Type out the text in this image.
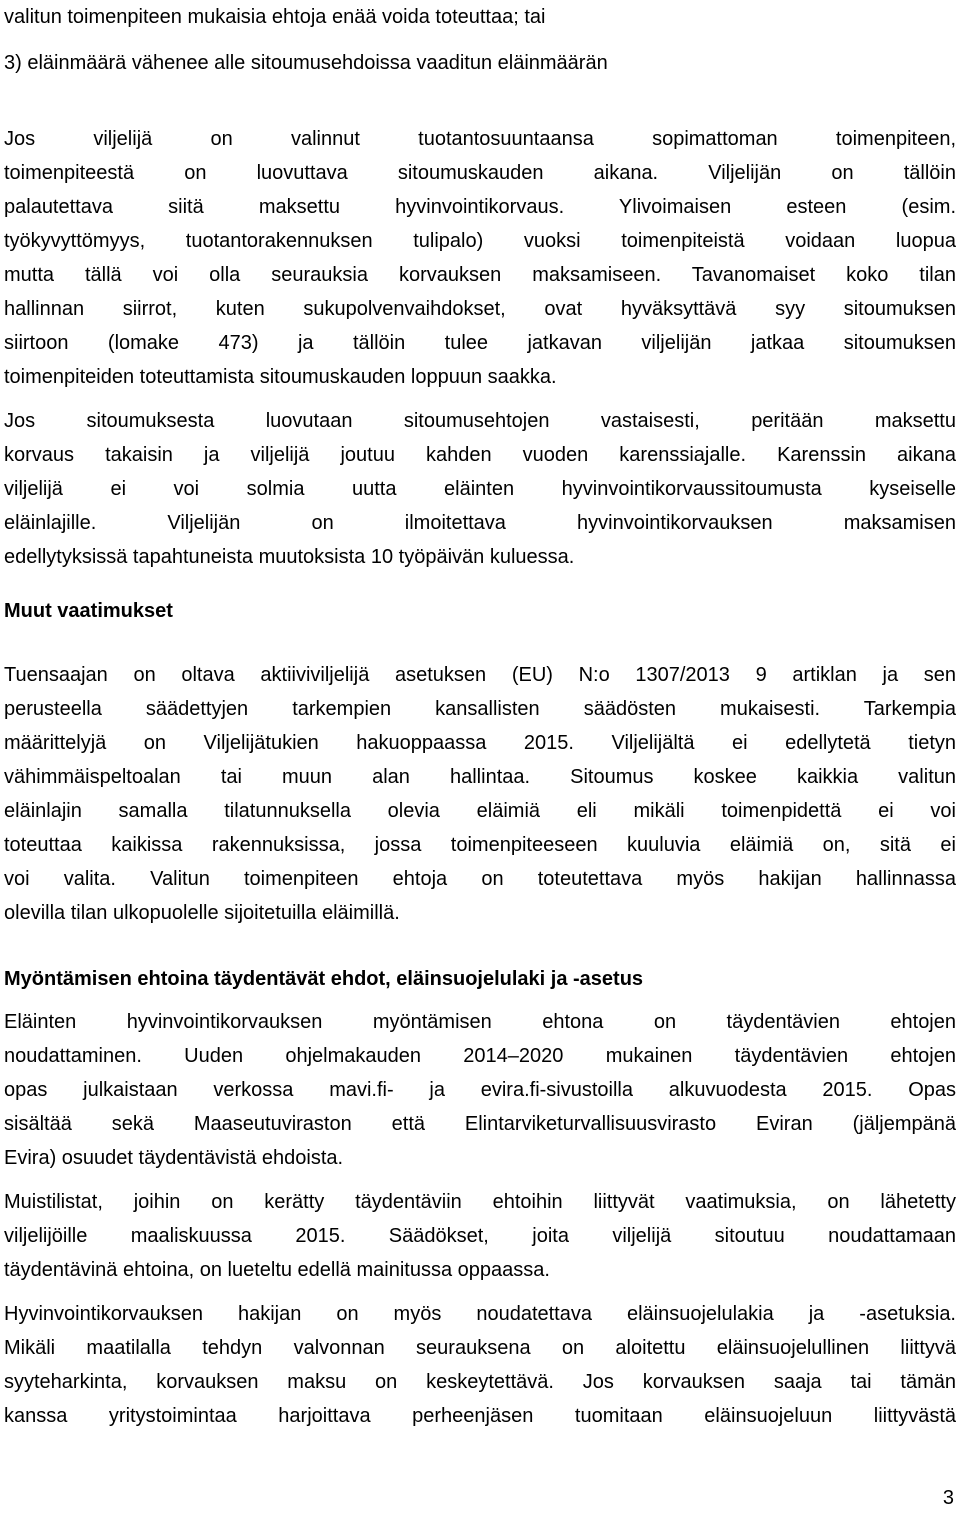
valitun toimenpiteen mukaisia ehtoja enää voida toteuttaa; tai
3) eläinmäärä vähenee alle sitoumusehdoissa vaaditun eläinmäärän
Jos viljelijä on valinnut tuotantosuuntaansa sopimattoman toimenpiteen,
toimenpiteestä on luovuttava sitoumuskauden aikana. Viljelijän on tällöin
palautettava siitä maksettu hyvinvointikorvaus. Ylivoimaisen esteen (esim.
työkyvyttömyys, tuotantorakennuksen tulipalo) vuoksi toimenpiteistä voidaan luopua
mutta tällä voi olla seurauksia korvauksen maksamiseen. Tavanomaiset koko tilan
hallinnan siirrot, kuten sukupolvenvaihdokset, ovat hyväksyttävä syy sitoumuksen
siirtoon (lomake 473) ja tällöin tulee jatkavan viljelijän jatkaa sitoumuksen
toimenpiteiden toteuttamista sitoumuskauden loppuun saakka.
Jos sitoumuksesta luovutaan sitoumusehtojen vastaisesti, peritään maksettu
korvaus takaisin ja viljelijä joutuu kahden vuoden karenssiajalle. Karenssin aikana
viljelijä ei voi solmia uutta eläinten hyvinvointikorvaussitoumusta kyseiselle
eläinlajille. Viljelijän on ilmoitettava hyvinvointikorvauksen maksamisen
edellytyksissä tapahtuneista muutoksista 10 työpäivän kuluessa.
Muut vaatimukset
Tuensaajan on oltava aktiiviviljelijä asetuksen (EU) N:o 1307/2013 9 artiklan ja sen
perusteella säädettyjen tarkempien kansallisten säädösten mukaisesti. Tarkempia
määrittelyjä on Viljelijätukien hakuoppaassa 2015. Viljelijältä ei edellytetä tietyn
vähimmäispeltoalan tai muun alan hallintaa. Sitoumus koskee kaikkia valitun
eläinlajin samalla tilatunnuksella olevia eläimiä eli mikäli toimenpidettä ei voi
toteuttaa kaikissa rakennuksissa, jossa toimenpiteeseen kuuluvia eläimiä on, sitä ei
voi valita. Valitun toimenpiteen ehtoja on toteutettava myös hakijan hallinnassa
olevilla tilan ulkopuolelle sijoitetuilla eläimillä.
Myöntämisen ehtoina täydentävät ehdot, eläinsuojelulaki ja -asetus
Eläinten hyvinvointikorvauksen myöntämisen ehtona on täydentävien ehtojen
noudattaminen. Uuden ohjelmakauden 2014–2020 mukainen täydentävien ehtojen
opas julkaistaan verkossa mavi.fi- ja evira.fi-sivustoilla alkuvuodesta 2015. Opas
sisältää sekä Maaseutuviraston että Elintarviketurvallisuusvirasto Eviran (jäljempänä
Evira) osuudet täydentävistä ehdoista.
Muistilistat, joihin on kerätty täydentäviin ehtoihin liittyvät vaatimuksia, on lähetetty
viljelijöille maaliskuussa 2015. Säädökset, joita viljelijä sitoutuu noudattamaan
täydentävinä ehtoina, on lueteltu edellä mainitussa oppaassa.
Hyvinvointikorvauksen hakijan on myös noudatettava eläinsuojelulakia ja -asetuksia.
Mikäli maatilalla tehdyn valvonnan seurauksena on aloitettu eläinsuojelullinen liittyvä
syyteharkinta, korvauksen maksu on keskeytettävä. Jos korvauksen saaja tai tämän
kanssa yritystoimintaa harjoittava perheenjäsen tuomitaan eläinsuojeluun liittyvästä
3
